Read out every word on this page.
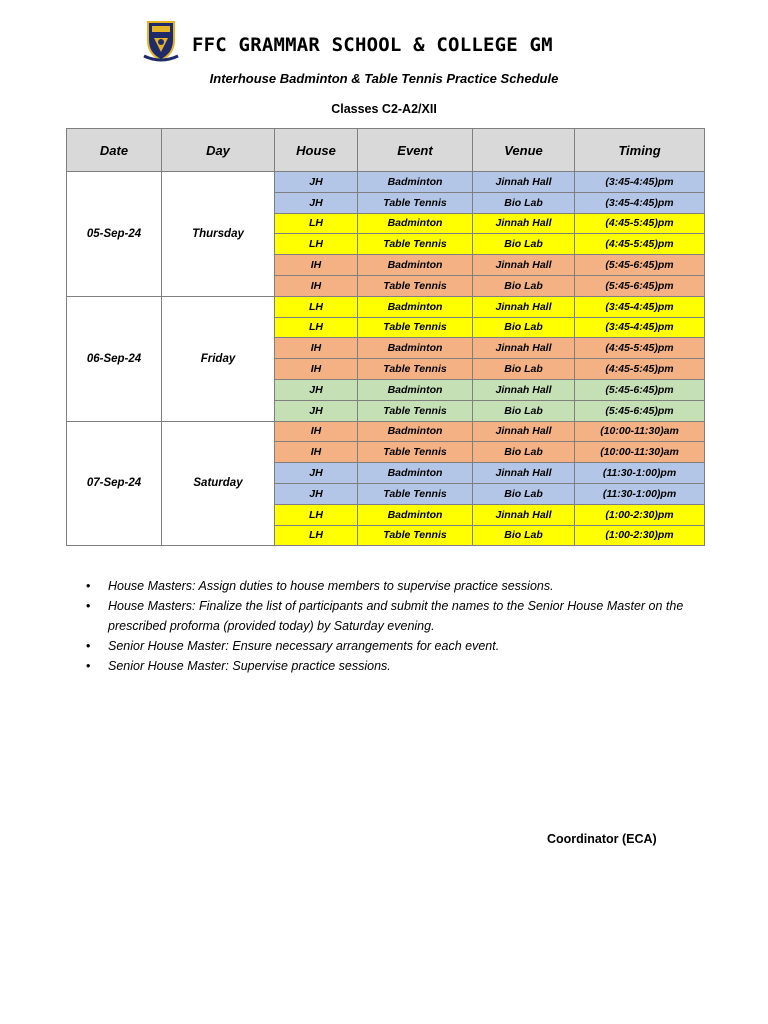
FFC GRAMMAR SCHOOL & COLLEGE GM
Interhouse Badminton & Table Tennis Practice Schedule
Classes C2-A2/XII
Date	Day	House	Event	Venue	Timing
05-Sep-24	Thursday	JH	Badminton	Jinnah Hall	(3:45-4:45)pm
		JH	Table Tennis	Bio Lab	(3:45-4:45)pm
		LH	Badminton	Jinnah Hall	(4:45-5:45)pm
		LH	Table Tennis	Bio Lab	(4:45-5:45)pm
		IH	Badminton	Jinnah Hall	(5:45-6:45)pm
		IH	Table Tennis	Bio Lab	(5:45-6:45)pm
06-Sep-24	Friday	LH	Badminton	Jinnah Hall	(3:45-4:45)pm
		LH	Table Tennis	Bio Lab	(3:45-4:45)pm
		IH	Badminton	Jinnah Hall	(4:45-5:45)pm
		IH	Table Tennis	Bio Lab	(4:45-5:45)pm
		JH	Badminton	Jinnah Hall	(5:45-6:45)pm
		JH	Table Tennis	Bio Lab	(5:45-6:45)pm
07-Sep-24	Saturday	IH	Badminton	Jinnah Hall	(10:00-11:30)am
		IH	Table Tennis	Bio Lab	(10:00-11:30)am
		JH	Badminton	Jinnah Hall	(11:30-1:00)pm
		JH	Table Tennis	Bio Lab	(11:30-1:00)pm
		LH	Badminton	Jinnah Hall	(1:00-2:30)pm
		LH	Table Tennis	Bio Lab	(1:00-2:30)pm
• House Masters: Assign duties to house members to supervise practice sessions.
• House Masters: Finalize the list of participants and submit the names to the Senior House Master on the prescribed proforma (provided today) by Saturday evening.
• Senior House Master: Ensure necessary arrangements for each event.
• Senior House Master: Supervise practice sessions.
Coordinator (ECA)
